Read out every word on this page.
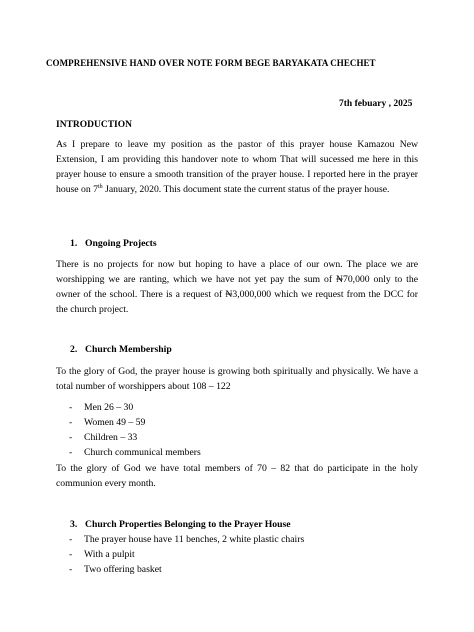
COMPREHENSIVE HAND OVER NOTE FORM BEGE BARYAKATA CHECHET
7th febuary , 2025
INTRODUCTION

As I prepare to leave my position as the pastor of this prayer house Kamazou New Extension, I am providing this handover note to whom That will sucessed me here in this prayer house to ensure a smooth transition of the prayer house. I reported here in the prayer house on 7th January, 2020. This document state the current status of the prayer house.

1. Ongoing Projects

There is no projects for now but hoping to have a place of our own. The place we are worshipping we are ranting, which we have not yet pay the sum of ₦70,000 only to the owner of the school. There is a request of ₦3,000,000 which we request from the DCC for the church project.

2. Church Membership

To the glory of God, the prayer house is growing both spiritually and physically. We have a total number of worshippers about 108 – 122

- Men 26 – 30
- Women 49 – 59
- Children – 33
- Church communical members

To the glory of God we have total members of 70 – 82 that do participate in the holy communion every month.

3. Church Properties Belonging to the Prayer House
- The prayer house have 11 benches, 2 white plastic chairs
- With a pulpit
- Two offering basket
